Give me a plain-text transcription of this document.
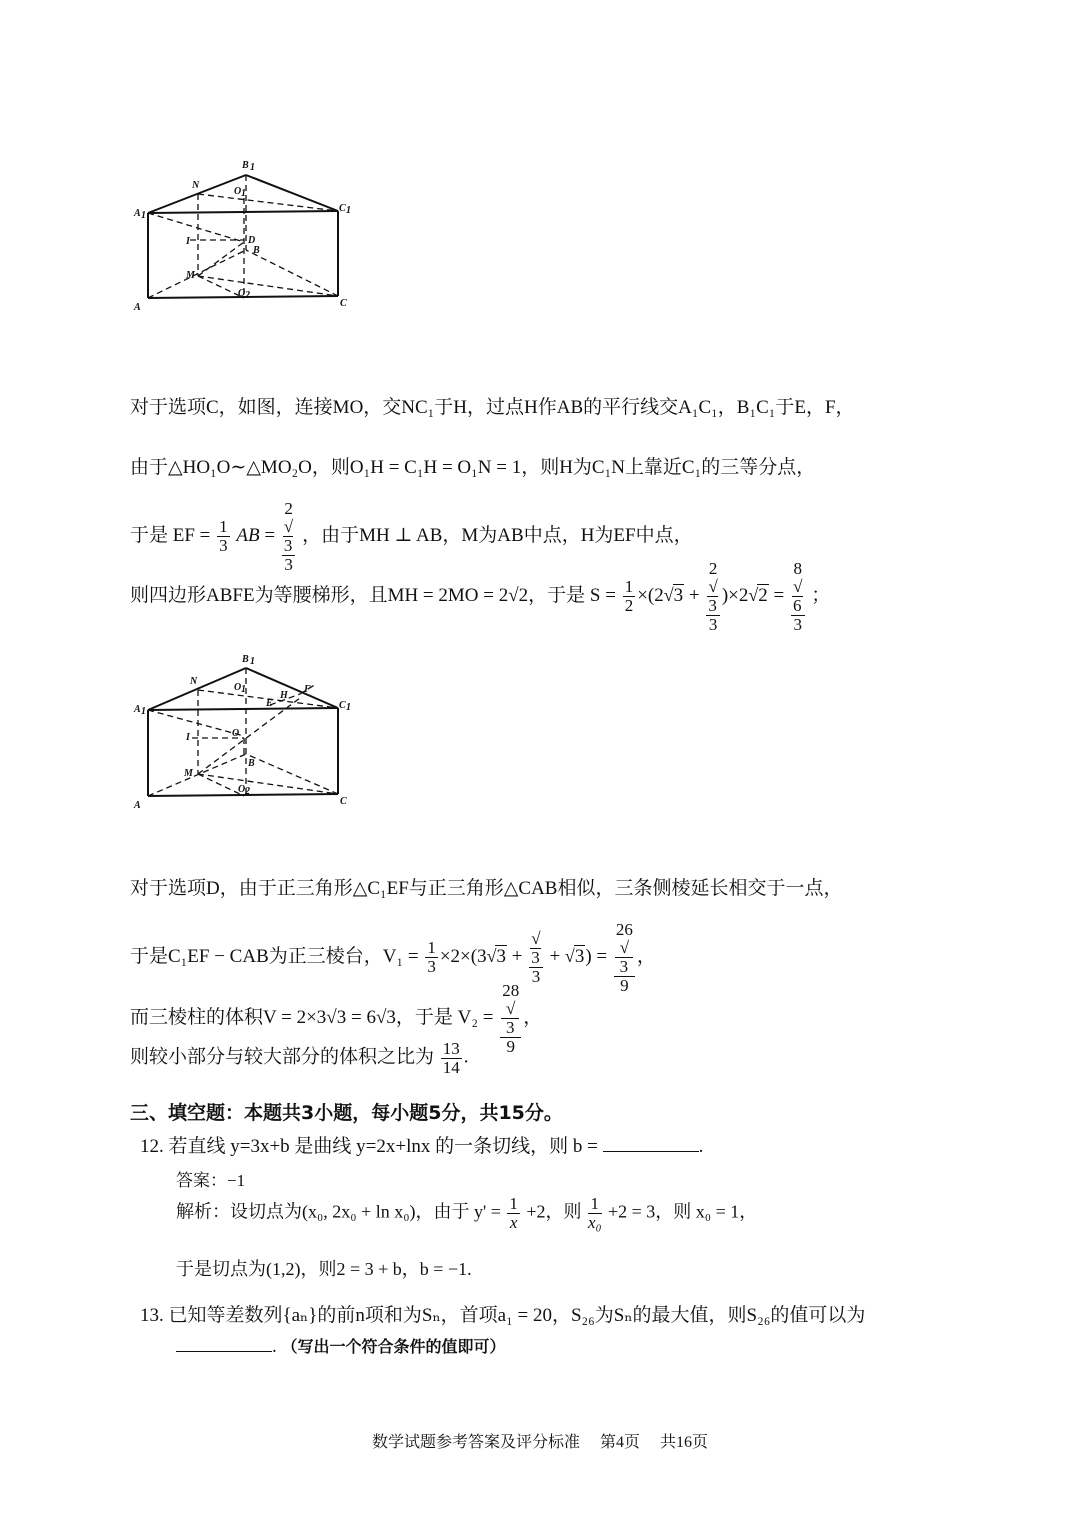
B 1
N
O 1
A 1
C 1
I	D
B
M
O 2
A	C
对于选项C，如图，连接MO，交NC₁于H，过点H作AB的平行线交A₁C₁，B₁C₁于E，F，
由于△HO₁O∼△MO₂O，则O₁H = C₁H = O₁N = 1，则H为C₁N上靠近C₁的三等分点，
于是 EF = $\frac{1}{3}$ AB = 2
√
3
3 ，由于MH ⊥ AB，M为AB中点，H为EF中点，
则四边形ABFE为等腰梯形，且MH = 2MO = 2√2，于是 $S = \frac{1}{2} \times(2√3 + 2$
√
3
3 )×2√2 = 8
√
6
3 ；
B 1
N
O 1
H
F
E
A 1
C 1
I	O
B
M
O 2
A	C
对于选项D，由于正三角形△C₁EF与正三角形△CAB相似，三条侧棱延长相交于一点，
于是C₁EF − CAB为正三棱台，$V_1 = \frac{1}{3} \times 2\times(3√3$ + √
3
3 + √3) = 26
√
3
9 ，
而三棱柱的体积V = 2×3√3 = 6√3，于是 V₂ = 28
√
3
9 ，
则较小部分与较大部分的体积之比为 $\frac{13}{14}$ .
三、填空题：本题共3小题，每小题5分，共15分。
12. 若直线 y=3x+b 是曲线 y=2x+lnx 的一条切线，则 b =	.
答案：−1
解析：设切点为(x₀, 2x₀ + ln x₀)，由于 $y' = \frac{1}{x} +2$，则 $\frac{1}{\text{x₀}} +2 = 3$，则 x₀ = 1，
于是切点为(1,2)，则2 = 3 + b，b = −1.
13. 已知等差数列{aₙ}的前n项和为Sₙ，首项a₁ = 20，S₂₆为Sₙ的最大值，则S₂₆的值可以为
. （写出一个符合条件的值即可）
数学试题参考答案及评分标准 第4页 共16页
